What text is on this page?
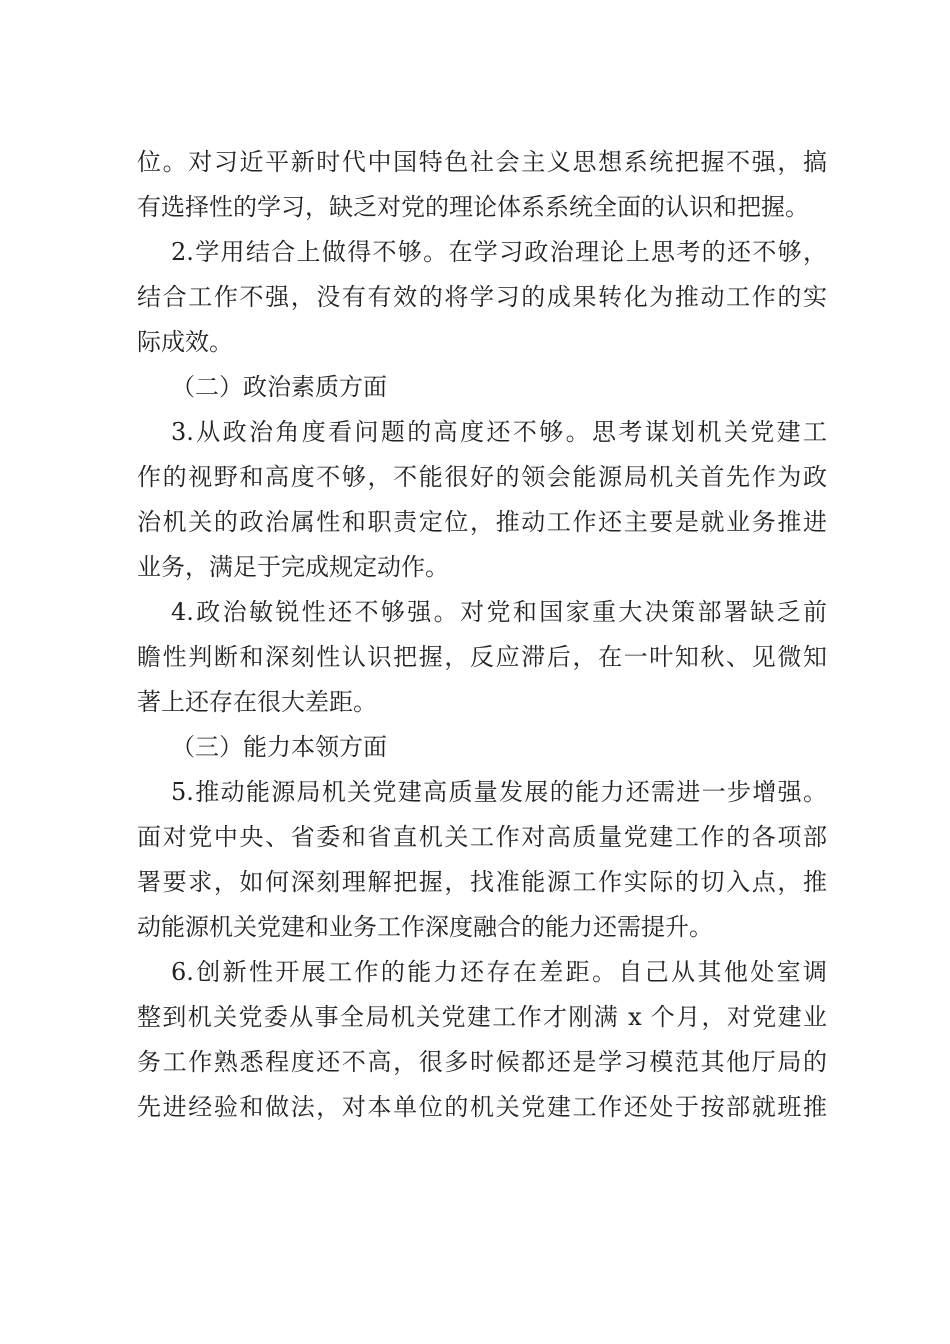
位。对习近平新时代中国特色社会主义思想系统把握不强，搞
有选择性的学习，缺乏对党的理论体系系统全面的认识和把握。
2.学用结合上做得不够。在学习政治理论上思考的还不够，
结合工作不强，没有有效的将学习的成果转化为推动工作的实
际成效。
（二）政治素质方面
3.从政治角度看问题的高度还不够。思考谋划机关党建工
作的视野和高度不够，不能很好的领会能源局机关首先作为政
治机关的政治属性和职责定位，推动工作还主要是就业务推进
业务，满足于完成规定动作。
4.政治敏锐性还不够强。对党和国家重大决策部署缺乏前
瞻性判断和深刻性认识把握，反应滞后，在一叶知秋、见微知
著上还存在很大差距。
（三）能力本领方面
5.推动能源局机关党建高质量发展的能力还需进一步增强。
面对党中央、省委和省直机关工作对高质量党建工作的各项部
署要求，如何深刻理解把握，找准能源工作实际的切入点，推
动能源机关党建和业务工作深度融合的能力还需提升。
6.创新性开展工作的能力还存在差距。自己从其他处室调
整到机关党委从事全局机关党建工作才刚满 x 个月，对党建业
务工作熟悉程度还不高，很多时候都还是学习模范其他厅局的
先进经验和做法，对本单位的机关党建工作还处于按部就班推
